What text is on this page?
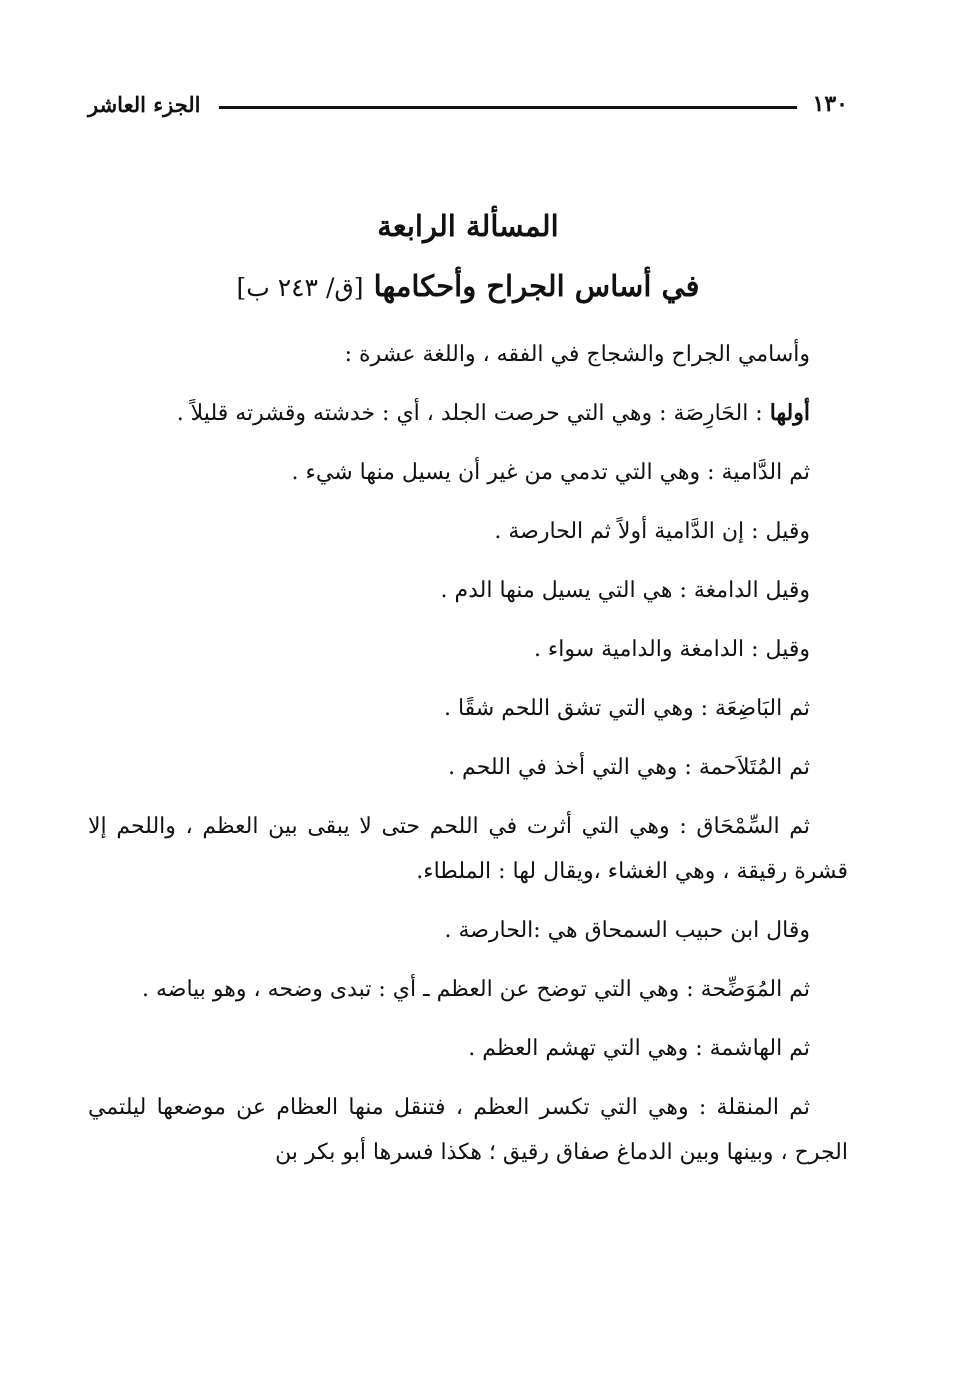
١٣٠
الجزء العاشر
المسألة الرابعة
في أساس الجراح وأحكامها [ق/ ٢٤٣ ب]

وأسامي الجراح والشجاج في الفقه ، واللغة عشرة :

أولها : الحَارِصَة : وهي التي حرصت الجلد ، أي : خدشته وقشرته قليلاً .

ثم الدَّامية : وهي التي تدمي من غير أن يسيل منها شيء .

وقيل : إن الدَّامية أولاً ثم الحارصة .

وقيل الدامغة : هي التي يسيل منها الدم .

وقيل : الدامغة والدامية سواء .

ثم البَاضِعَة : وهي التي تشق اللحم شقًا .

ثم المُتَلاَحمة : وهي التي أخذ في اللحم .

ثم السِّمْحَاق : وهي التي أثرت في اللحم حتى لا يبقى بين العظم ، واللحم إلا قشرة رقيقة ، وهي الغشاء ،ويقال لها : الملطاء.

وقال ابن حبيب السمحاق هي :الحارصة .

ثم المُوَضِّحة : وهي التي توضح عن العظم ـ أي : تبدى وضحه ، وهو بياضه .

ثم الهاشمة : وهي التي تهشم العظم .

ثم المنقلة : وهي التي تكسر العظم ، فتنقل منها العظام عن موضعها ليلتمي الجرح ، وبينها وبين الدماغ صفاق رقيق ؛ هكذا فسرها أبو بكر بن
